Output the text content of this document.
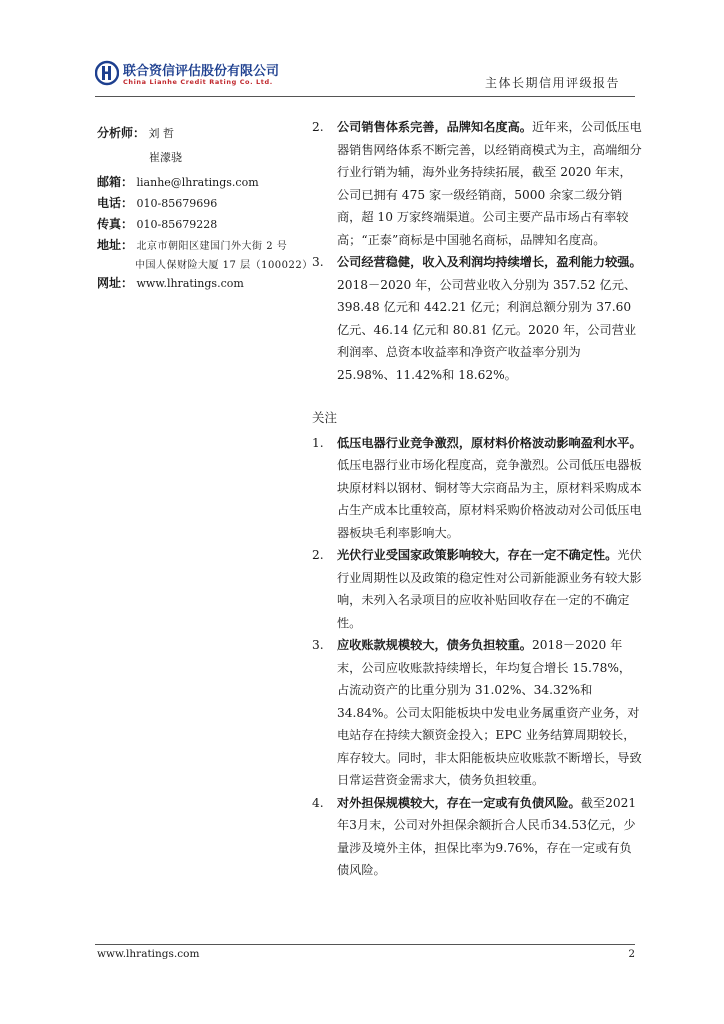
联合资信评估股份有限公司
China Lianhe Credit Rating Co. Ltd.	主体长期信用评级报告
分析师： 刘 哲
崔濛骁
邮箱： lianhe@lhratings.com
电话： 010-85679696
传真： 010-85679228
地址： 北京市朝阳区建国门外大街 2 号
中国人保财险大厦 17 层（100022）
网址： www.lhratings.com

2. 公司销售体系完善，品牌知名度高。近年来，公司低压电器销售网络体系不断完善，以经销商模式为主，高端细分行业行销为辅，海外业务持续拓展，截至 2020 年末，公司已拥有 475 家一级经销商，5000 余家二级分销商，超 10 万家终端渠道。公司主要产品市场占有率较高；“正泰”商标是中国驰名商标，品牌知名度高。

3. 公司经营稳健，收入及利润均持续增长，盈利能力较强。2018－2020 年，公司营业收入分别为 357.52 亿元、398.48 亿元和 442.21 亿元；利润总额分别为 37.60 亿元、46.14 亿元和 80.81 亿元。2020 年，公司营业利润率、总资本收益率和净资产收益率分别为 25.98%、11.42%和 18.62%。

关注

1. 低压电器行业竞争激烈，原材料价格波动影响盈利水平。低压电器行业市场化程度高，竞争激烈。公司低压电器板块原材料以钢材、铜材等大宗商品为主，原材料采购成本占生产成本比重较高，原材料采购价格波动对公司低压电器板块毛利率影响大。

2. 光伏行业受国家政策影响较大，存在一定不确定性。光伏行业周期性以及政策的稳定性对公司新能源业务有较大影响，未列入名录项目的应收补贴回收存在一定的不确定性。

3. 应收账款规模较大，债务负担较重。2018－2020 年末，公司应收账款持续增长，年均复合增长 15.78%，占流动资产的比重分别为 31.02%、34.32%和 34.84%。公司太阳能板块中发电业务属重资产业务，对电站存在持续大额资金投入；EPC 业务结算周期较长，库存较大。同时，非太阳能板块应收账款不断增长，导致日常运营资金需求大，债务负担较重。

4. 对外担保规模较大，存在一定或有负债风险。截至2021 年3月末，公司对外担保余额折合人民币34.53亿元，少量涉及境外主体，担保比率为9.76%，存在一定或有负债风险。

www.lhratings.com	2
